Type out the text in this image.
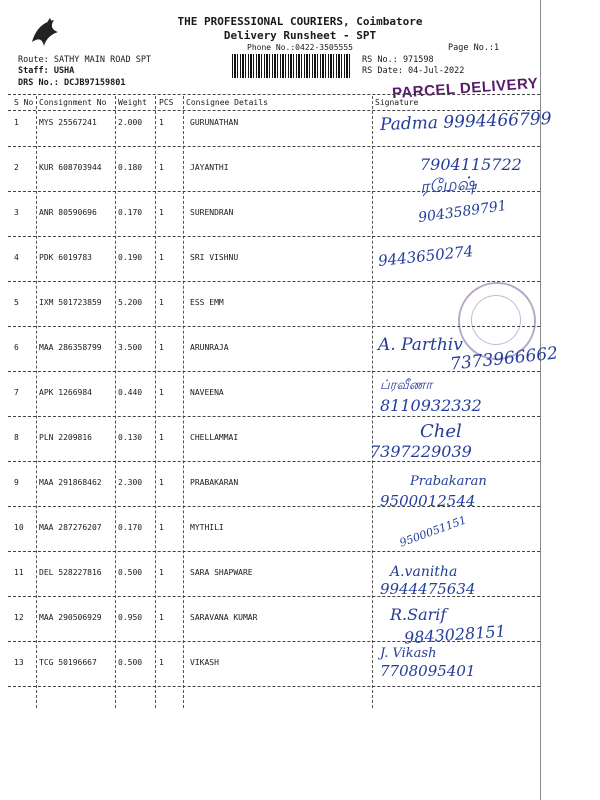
THE PROFESSIONAL COURIERS, Coimbatore
Delivery Runsheet - SPT
Phone No.:0422-3505555	Page No.:1
Route: SATHY MAIN ROAD SPT
Staff: USHA
DRS No.: DCJB97159801
RS No.: 971598
RS Date: 04-Jul-2022
PARCEL DELIVERY
S No Consignment No Weight PCS Consignee Details	Signature
1	MYS 25567241	2.000 1	GURUNATHAN	Padma 9994466799
2	KUR 608703944 0.180 1	JAYANTHI	7904115722
ரமேஷ்
3	ANR 80590696	0.170 1	SURENDRAN	9043589791
4	PDK 6019783	0.190 1	SRI VISHNU	9443650274
5	IXM 501723859 5.200 1	ESS EMM
6	MAA 286358799 3.500 1	ARUNRAJA	A. Parthiv
7373966662
7	APK 1266984	0.440 1	NAVEENA	ப்ரவீணா
8110932332
8	PLN 2209816	0.130 1	CHELLAMMAI	Chel
7397229039
9	MAA 291868462 2.300 1	PRABAKARAN	Prabakaran
9500012544
10 MAA 287276207 0.170 1	MYTHILI	9500051151
11 DEL 528227816 0.500 1	SARA SHAPWARE	A.vanitha
9944475634
12 MAA 290506929 0.950 1	SARAVANA KUMAR	R.Sarif
9843028151
13 TCG 50196667	0.500 1	VIKASH
J. Vikash
7708095401
